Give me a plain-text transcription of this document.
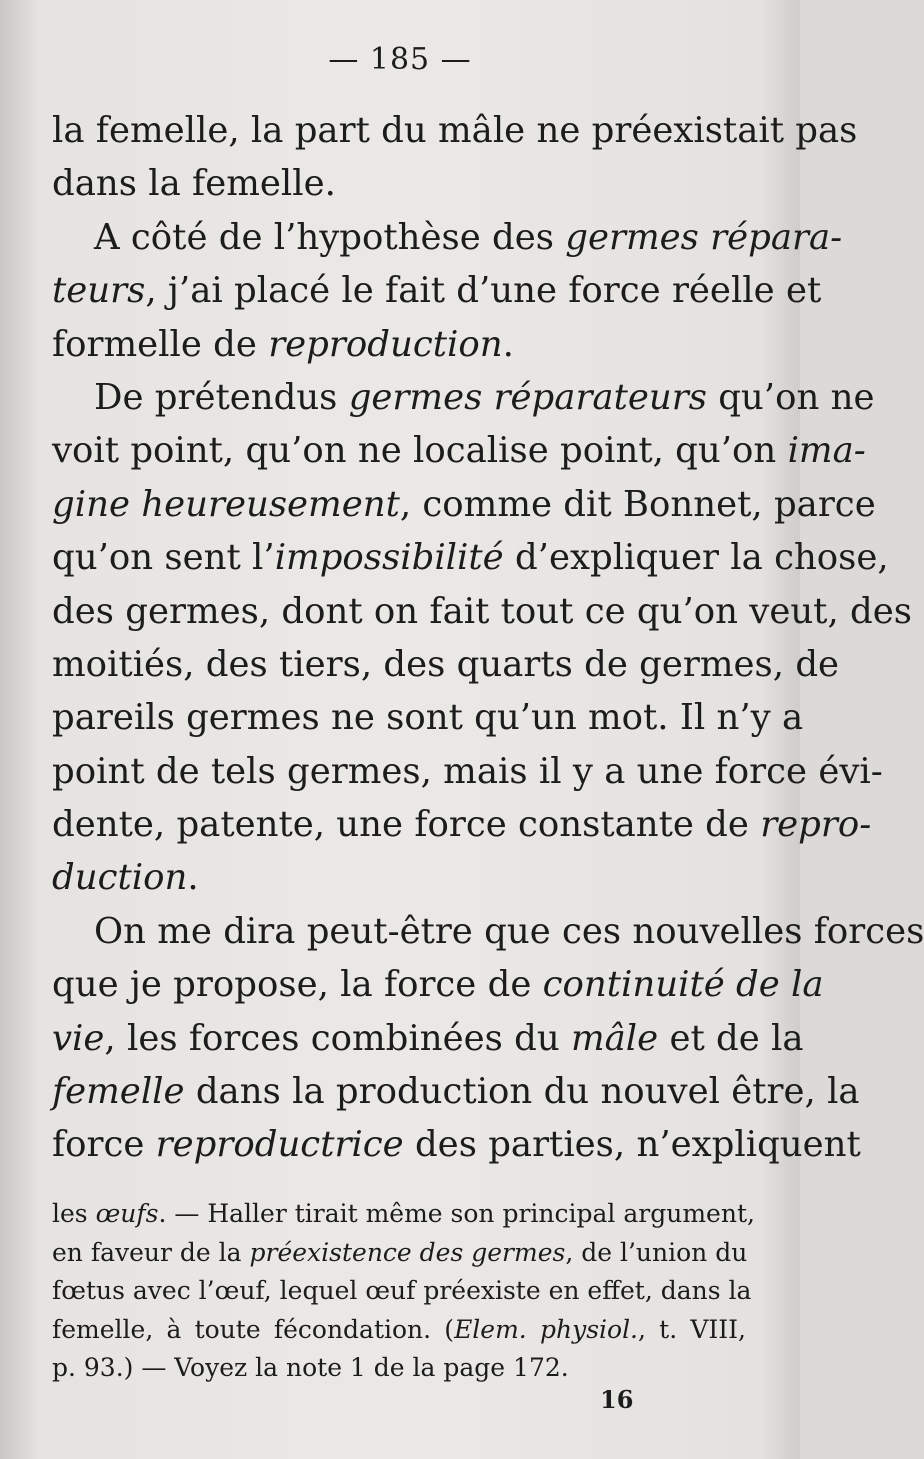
— 185 —
la femelle, la part du mâle ne préexistait pas
dans la femelle.
A côté de l’hypothèse des germes répara-
teurs, j’ai placé le fait d’une force réelle et
formelle de reproduction.
De prétendus germes réparateurs qu’on ne
voit point, qu’on ne localise point, qu’on ima-
gine heureusement, comme dit Bonnet, parce
qu’on sent l’impossibilité d’expliquer la chose,
des germes, dont on fait tout ce qu’on veut, des
moitiés, des tiers, des quarts de germes, de
pareils germes ne sont qu’un mot. Il n’y a
point de tels germes, mais il y a une force évi-
dente, patente, une force constante de repro-
duction.
On me dira peut-être que ces nouvelles forces
que je propose, la force de continuité de la
vie, les forces combinées du mâle et de la
femelle dans la production du nouvel être, la
force reproductrice des parties, n’expliquent
les œufs. — Haller tirait même son principal argument,
en faveur de la préexistence des germes, de l’union du
fœtus avec l’œuf, lequel œuf préexiste en effet, dans la
femelle, à toute fécondation. (Elem. physiol., t. VIII,
p. 93.) — Voyez la note 1 de la page 172.
16
